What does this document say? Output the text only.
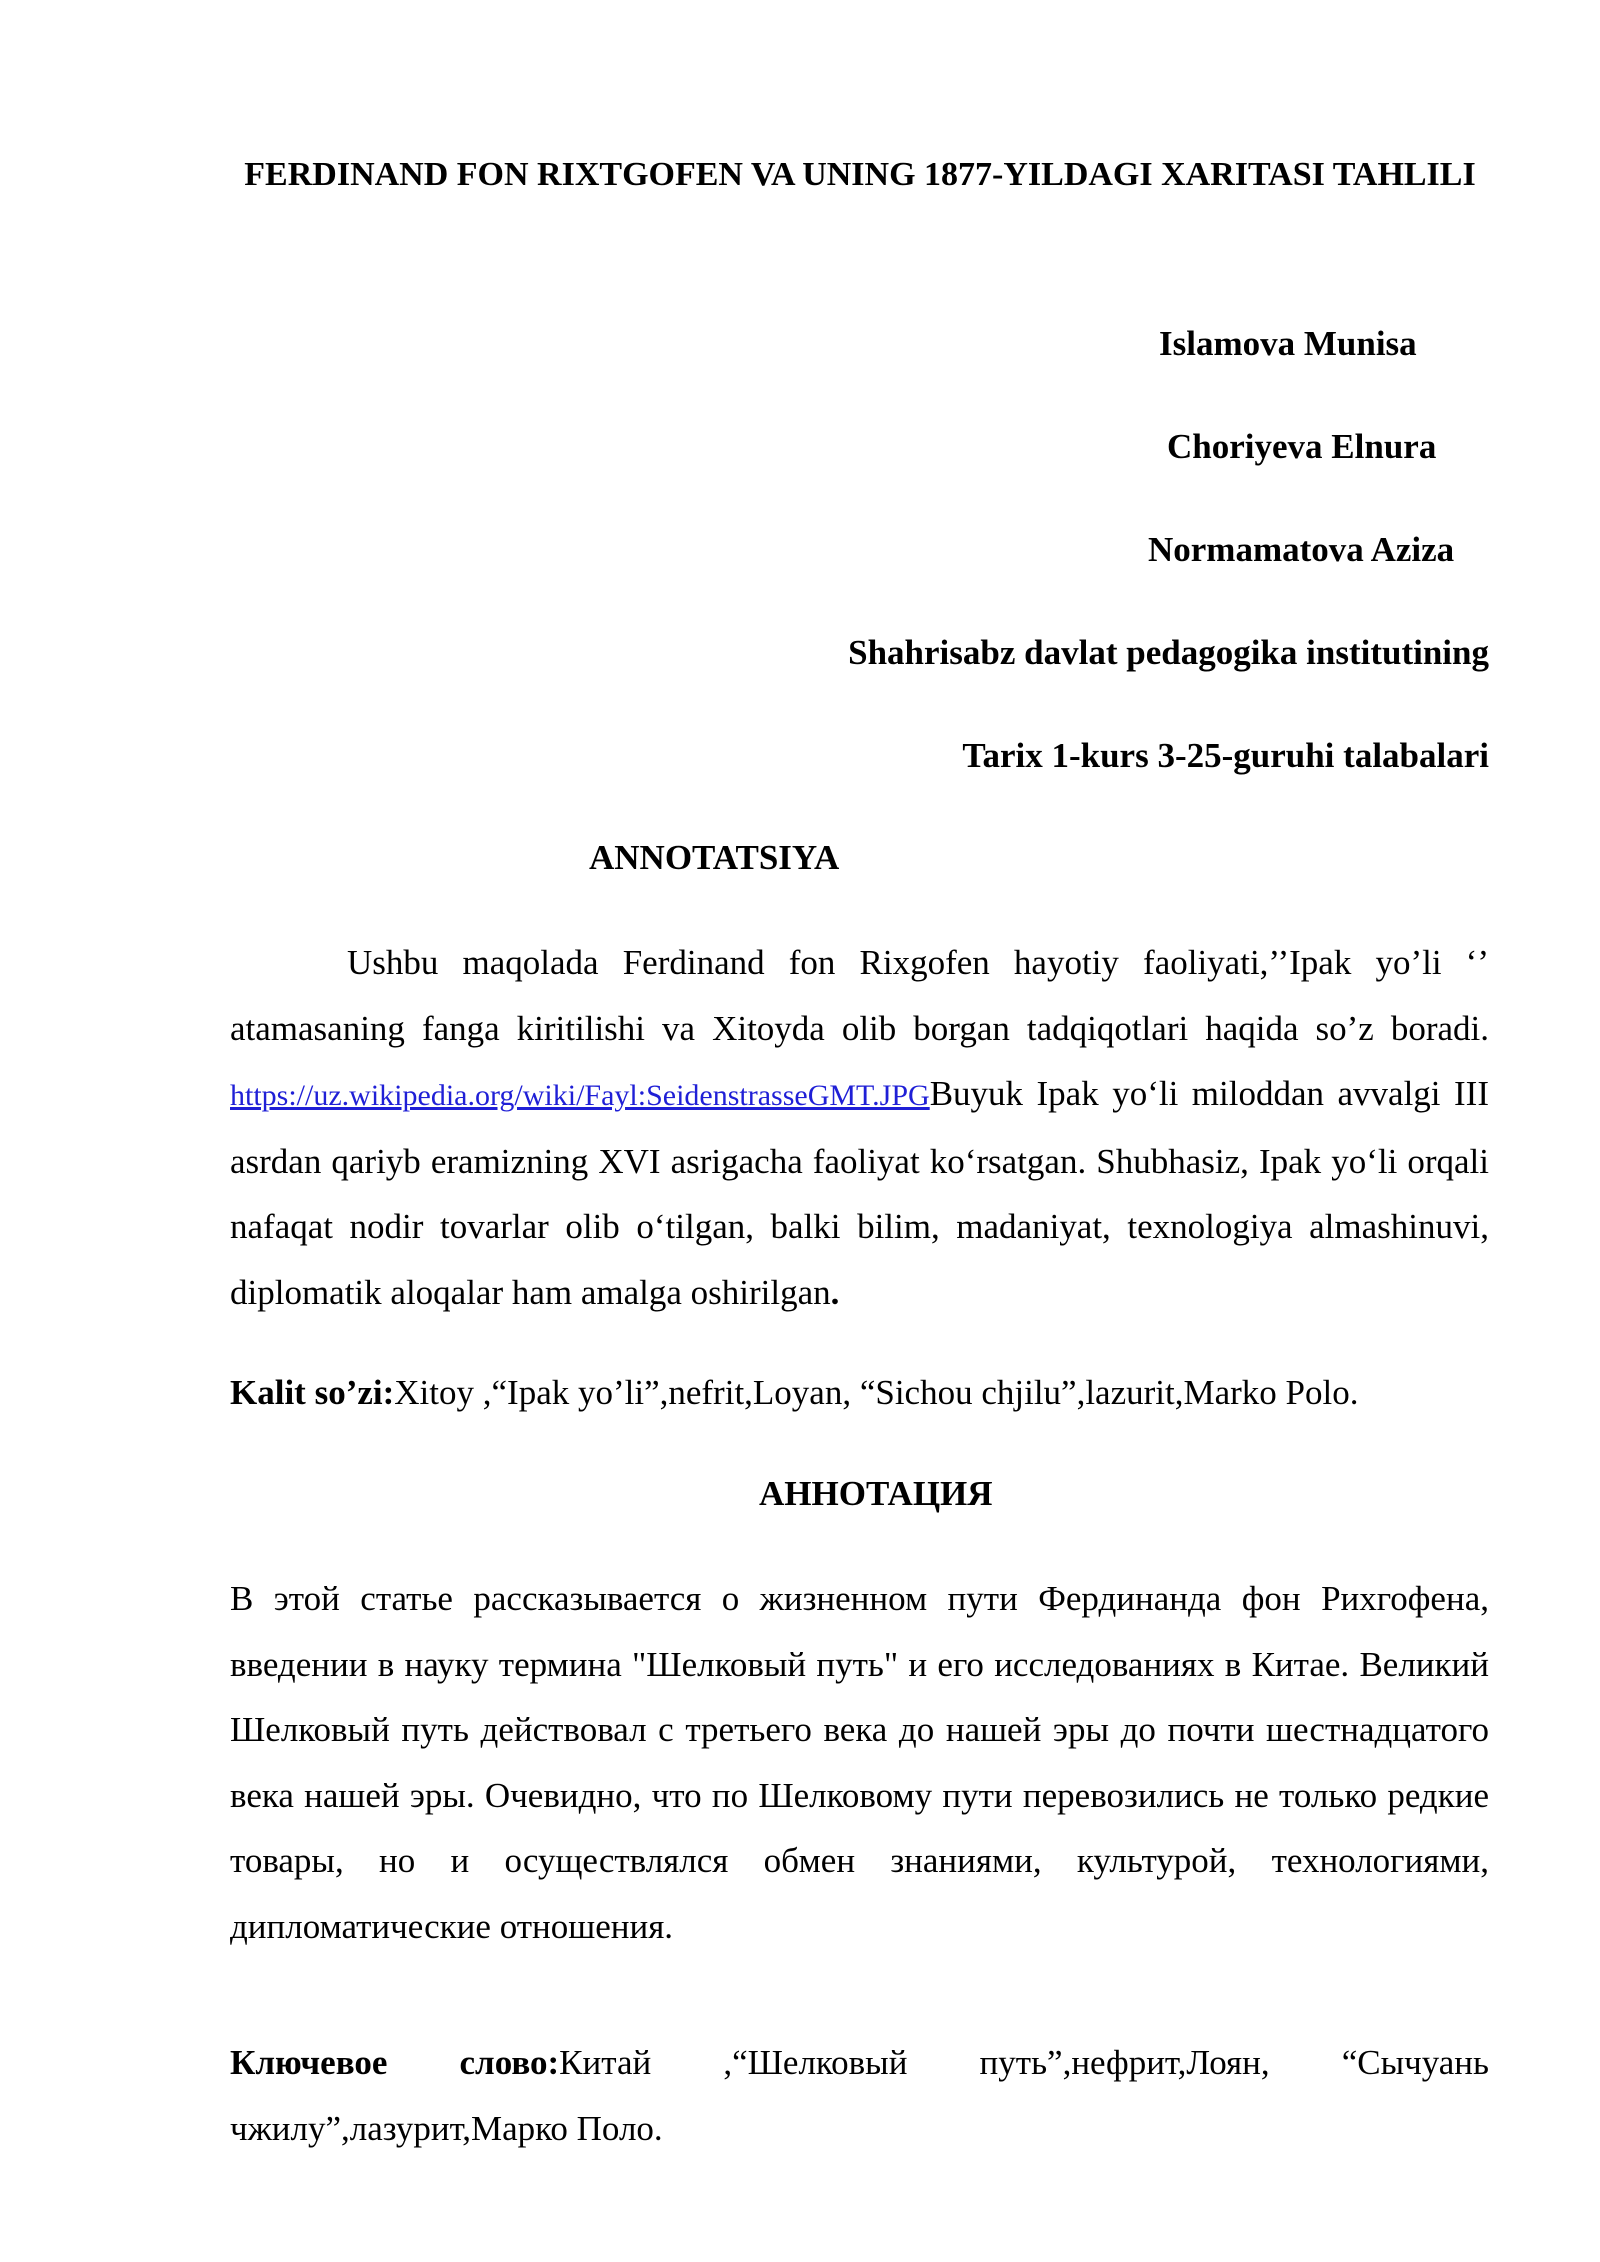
FERDINAND FON RIXTGOFEN VA UNING 1877-YILDAGI XARITASI TAHLILI
Islamova Munisa
Choriyeva Elnura
Normamatova Aziza
Shahrisabz davlat pedagogika institutining
Tarix 1-kurs 3-25-guruhi talabalari
ANNOTATSIYA
Ushbu maqolada Ferdinand fon Rixgofen hayotiy faoliyati,’’Ipak yo’li ‘’ atamasaning fanga kiritilishi va Xitoyda olib borgan tadqiqotlari haqida so’z boradi. https://uz.wikipedia.org/wiki/Fayl:SeidenstrasseGMT.JPGBuyuk Ipak yo‘li miloddan avvalgi III asrdan qariyb eramizning XVI asrigacha faoliyat ko‘rsatgan. Shubhasiz, Ipak yo‘li orqali nafaqat nodir tovarlar olib o‘tilgan, balki bilim, madaniyat, texnologiya almashinuvi, diplomatik aloqalar ham amalga oshirilgan.
Kalit so’zi:Xitoy ,“Ipak yo’li”,nefrit,Loyan, “Sichou chjilu”,lazurit,Marko Polo.
АННОТАЦИЯ
В этой статье рассказывается о жизненном пути Фердинанда фон Рихгофена, введении в науку термина "Шелковый путь" и его исследованиях в Китае. Великий Шелковый путь действовал с третьего века до нашей эры до почти шестнадцатого века нашей эры. Очевидно, что по Шелковому пути перевозились не только редкие товары, но и осуществлялся обмен знаниями, культурой, технологиями, дипломатические отношения.
Ключевое слово:Китай ,“Шелковый путь”,нефрит,Лоян, “Сычуань чжилу”,лазурит,Марко Поло.
